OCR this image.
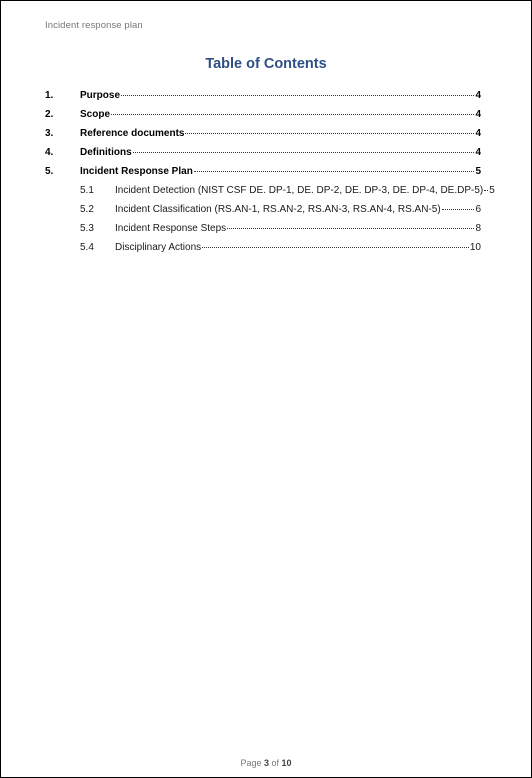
Incident response plan
Table of Contents
1.	Purpose	4
2.	Scope	4
3.	Reference documents	4
4.	Definitions	4
5.	Incident Response Plan	5
5.1	Incident Detection (NIST CSF DE. DP-1, DE. DP-2, DE. DP-3, DE. DP-4, DE.DP-5) 5
5.2	Incident Classification (RS.AN-1, RS.AN-2, RS.AN-3, RS.AN-4, RS.AN-5)	6
5.3	Incident Response Steps	8
5.4	Disciplinary Actions	10
Page 3 of 10
